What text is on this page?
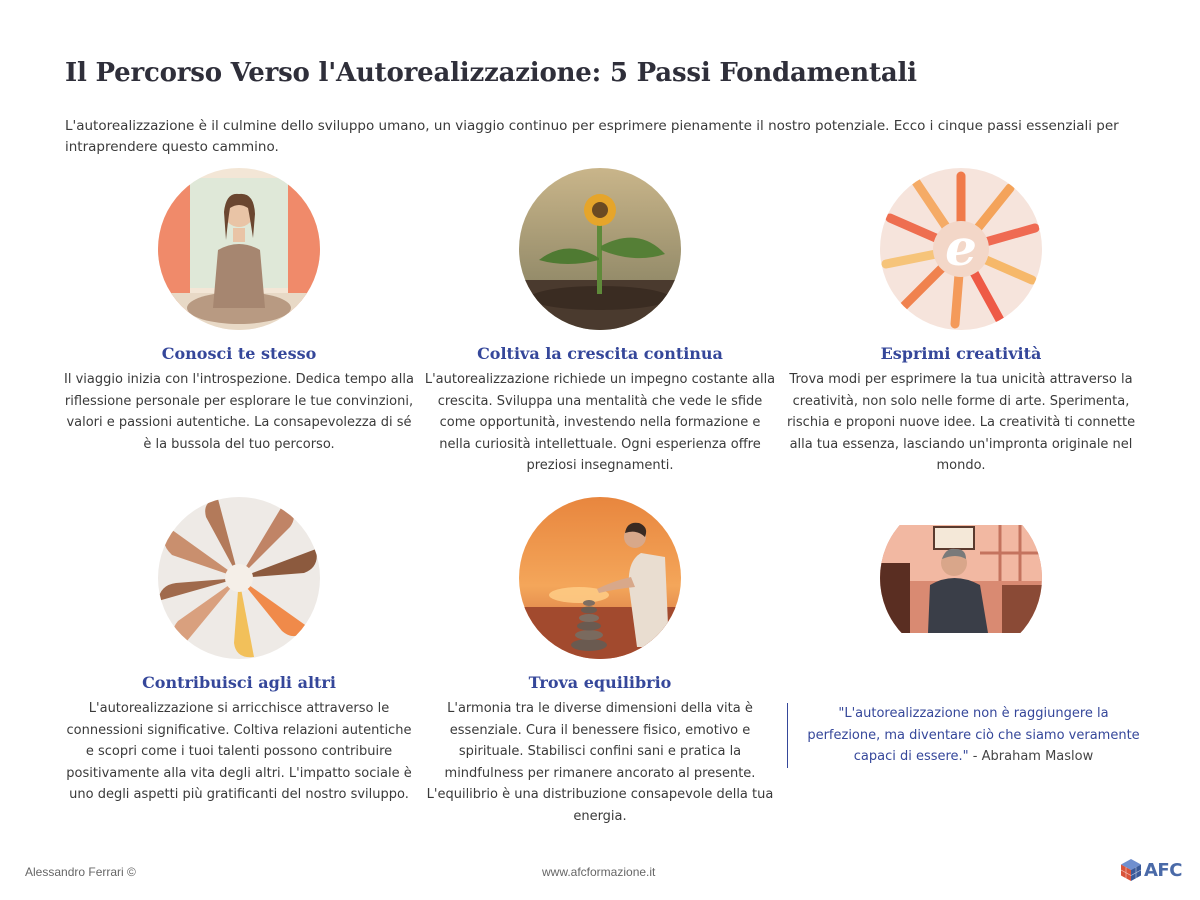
Il Percorso Verso l'Autorealizzazione: 5 Passi Fondamentali

L'autorealizzazione è il culmine dello sviluppo umano, un viaggio continuo per esprimere pienamente il nostro potenziale. Ecco i cinque passi essenziali per intraprendere questo cammino.

Conosci te stesso

Il viaggio inizia con l'introspezione. Dedica tempo alla riflessione personale per esplorare le tue convinzioni, valori e passioni autentiche. La consapevolezza di sé è la bussola del tuo percorso.

Coltiva la crescita continua

L'autorealizzazione richiede un impegno costante alla crescita. Sviluppa una mentalità che vede le sfide come opportunità, investendo nella formazione e nella curiosità intellettuale. Ogni esperienza offre preziosi insegnamenti.

e
Esprimi creatività

Trova modi per esprimere la tua unicità attraverso la creatività, non solo nelle forme di arte. Sperimenta, rischia e proponi nuove idee. La creatività ti connette alla tua essenza, lasciando un'impronta originale nel mondo.

Contribuisci agli altri

L'autorealizzazione si arricchisce attraverso le connessioni significative. Coltiva relazioni autentiche e scopri come i tuoi talenti possono contribuire positivamente alla vita degli altri. L'impatto sociale è uno degli aspetti più gratificanti del nostro sviluppo.

Trova equilibrio

L'armonia tra le diverse dimensioni della vita è essenziale. Cura il benessere fisico, emotivo e spirituale. Stabilisci confini sani e pratica la mindfulness per rimanere ancorato al presente. L'equilibrio è una distribuzione consapevole della tua energia.

"L'autorealizzazione non è raggiungere la perfezione, ma diventare ciò che siamo veramente capaci di essere." - Abraham Maslow
Alessandro Ferrari ©	www.afcformazione.it	AFC
